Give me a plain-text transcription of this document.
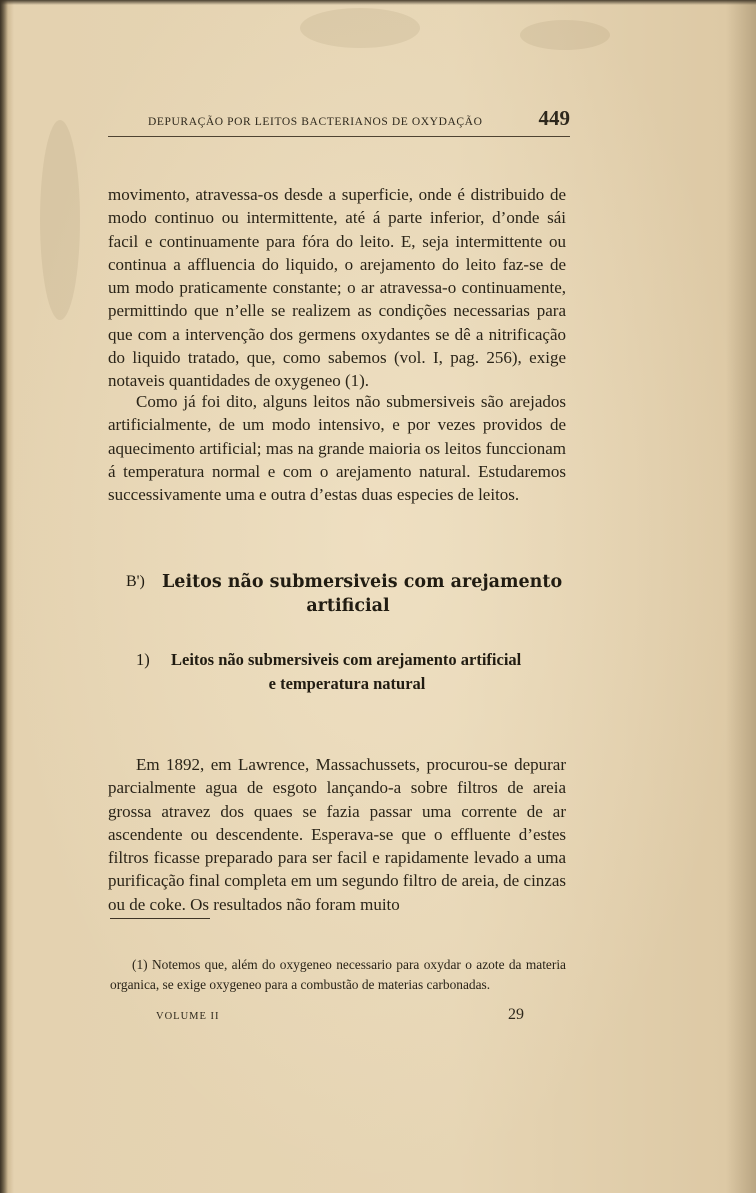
DEPURAÇÃO POR LEITOS BACTERIANOS DE OXYDAÇÃO	449

movimento, atravessa-os desde a superficie, onde é distribuido de modo continuo ou intermittente, até á parte inferior, d’onde sái facil e continuamente para fóra do leito. E, seja intermittente ou continua a affluencia do liquido, o arejamento do leito faz-se de um modo praticamente constante; o ar atravessa-o continuamente, permittindo que n’elle se realizem as condições necessarias para que com a intervenção dos germens oxydantes se dê a nitrificação do liquido tratado, que, como sabemos (vol. I, pag. 256), exige notaveis quantidades de oxygeneo (1).

Como já foi dito, alguns leitos não submersiveis são arejados artificialmente, de um modo intensivo, e por vezes providos de aquecimento artificial; mas na grande maioria os leitos funccionam á temperatura normal e com o arejamento natural. Estudaremos successivamente uma e outra d’estas duas especies de leitos.

B') Leitos não submersiveis com arejamento
artificial
1) Leitos não submersiveis com arejamento artificial
e temperatura natural

Em 1892, em Lawrence, Massachussets, procurou-se depurar parcialmente agua de esgoto lançando-a sobre filtros de areia grossa atravez dos quaes se fazia passar uma corrente de ar ascendente ou descendente. Esperava-se que o effluente d’estes filtros ficasse preparado para ser facil e rapidamente levado a uma purificação final completa em um segundo filtro de areia, de cinzas ou de coke. Os resultados não foram muito

(1) Notemos que, além do oxygeneo necessario para oxydar o azote da materia organica, se exige oxygeneo para a combustão de materias carbonadas.

VOLUME II	29
